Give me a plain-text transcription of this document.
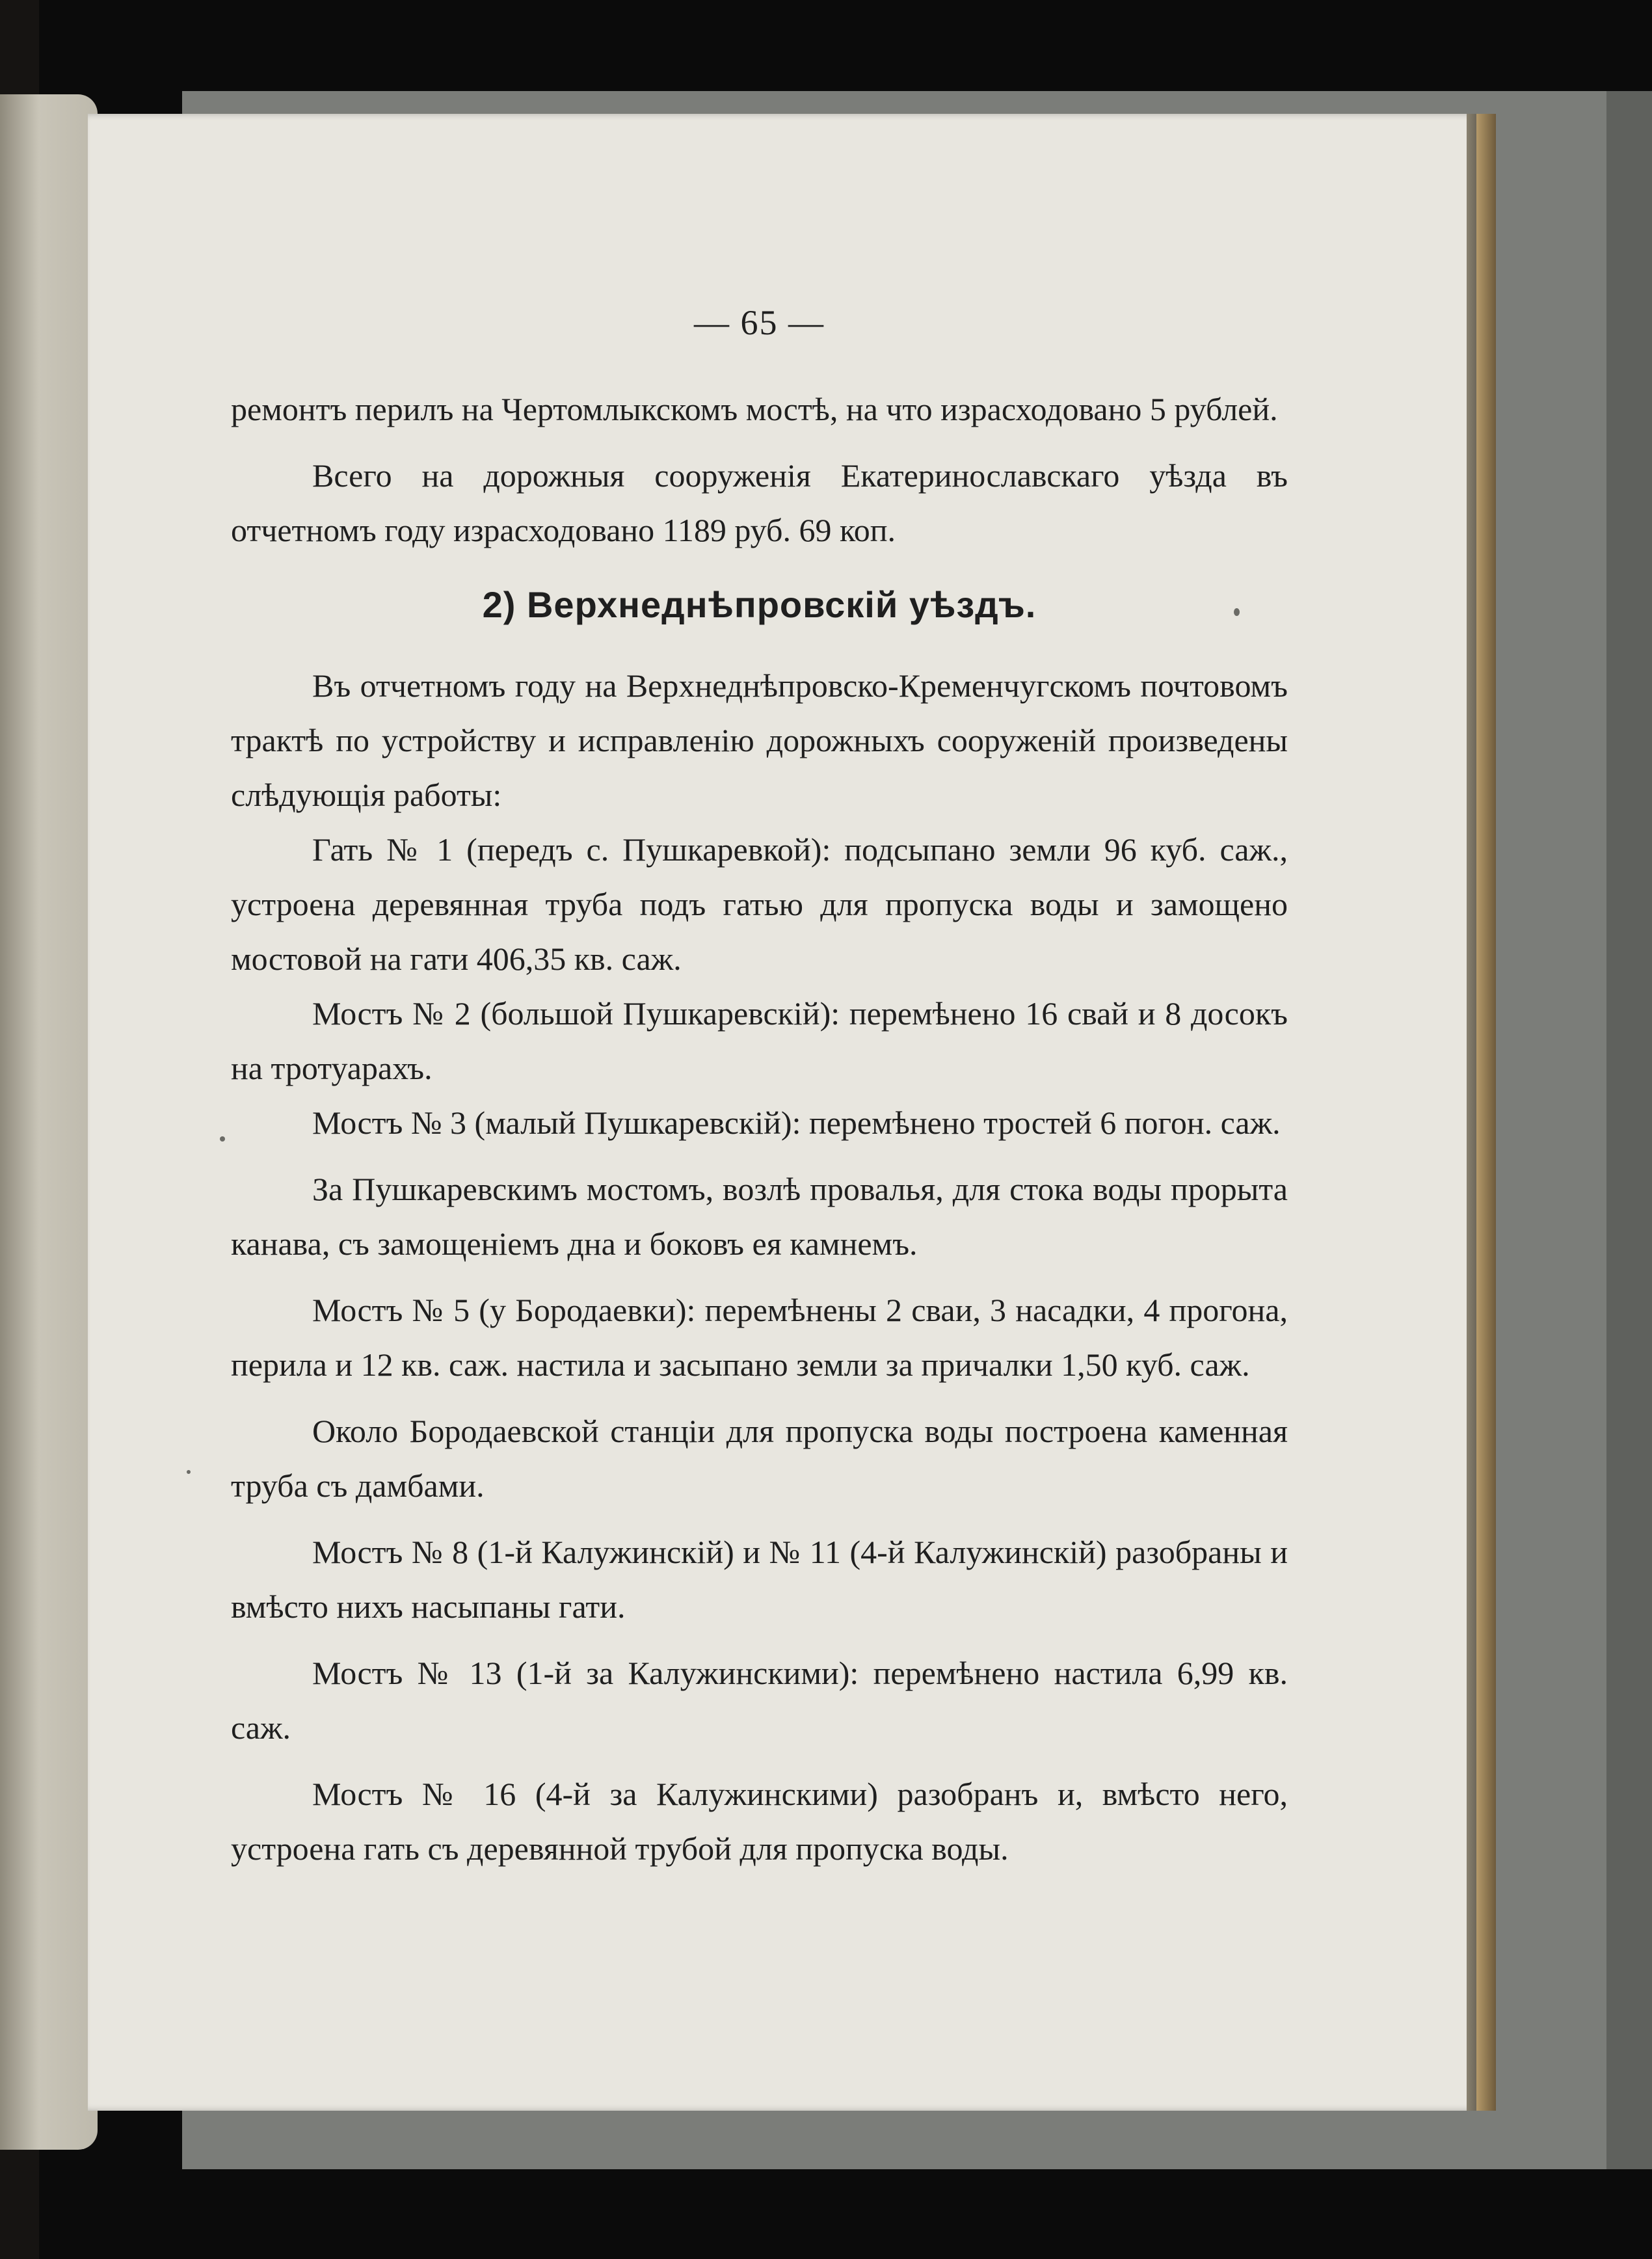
— 65 —

ремонтъ перилъ на Чертомлыкскомъ мостѣ, на что израсходовано 5 рублей.

Всего на дорожныя сооруженія Екатеринославскаго уѣзда въ отчетномъ году израсходовано 1189 руб. 69 коп.

2) Верхнеднѣпровскій уѣздъ.

Въ отчетномъ году на Верхнеднѣпровско-Кременчугскомъ почтовомъ трактѣ по устройству и исправленію дорожныхъ сооруженій произведены слѣдующія работы:

Гать № 1 (передъ с. Пушкаревкой): подсыпано земли 96 куб. саж., устроена деревянная труба подъ гатью для пропуска воды и замощено мостовой на гати 406,35 кв. саж.

Мостъ № 2 (большой Пушкаревскій): перемѣнено 16 свай и 8 досокъ на тротуарахъ.

Мостъ № 3 (малый Пушкаревскій): перемѣнено тростей 6 погон. саж.

За Пушкаревскимъ мостомъ, возлѣ провалья, для стока воды прорыта канава, съ замощеніемъ дна и боковъ ея камнемъ.

Мостъ № 5 (у Бородаевки): перемѣнены 2 сваи, 3 насадки, 4 прогона, перила и 12 кв. саж. настила и засыпано земли за причалки 1,50 куб. саж.

Около Бородаевской станціи для пропуска воды построена каменная труба съ дамбами.

Мостъ № 8 (1-й Калужинскій) и № 11 (4-й Калужинскій) разобраны и вмѣсто нихъ насыпаны гати.

Мостъ № 13 (1-й за Калужинскими): перемѣнено настила 6,99 кв. саж.

Мостъ № 16 (4-й за Калужинскими) разобранъ и, вмѣсто него, устроена гать съ деревянной трубой для пропуска воды.
